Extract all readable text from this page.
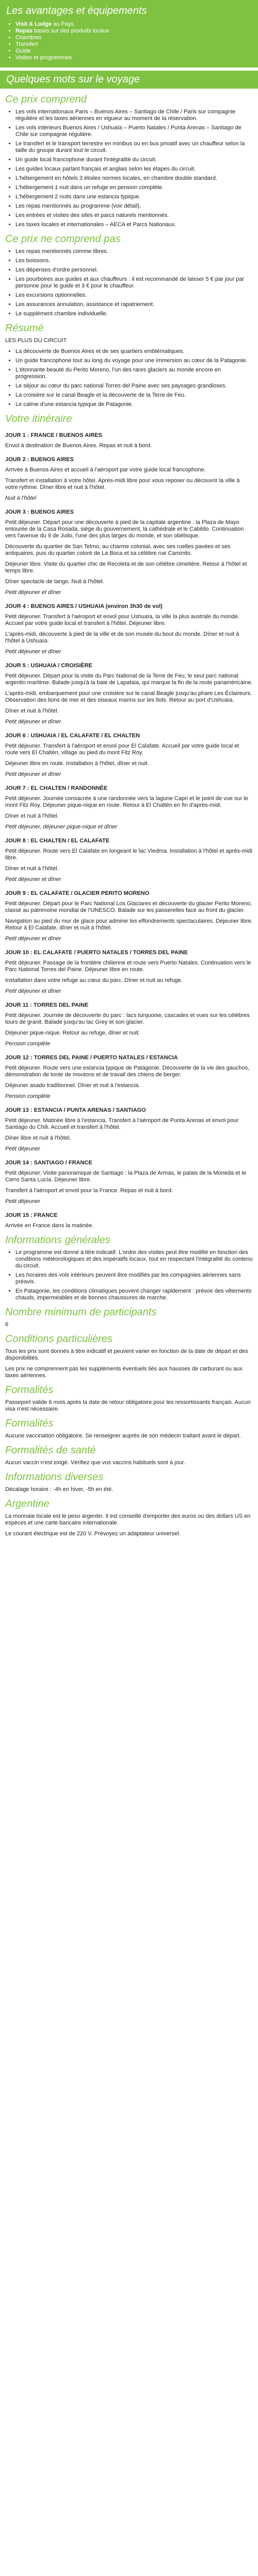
Les avantages et équipements
• Visit & Lodge au Pays
• Repas basés sur des produits locaux
• Chambres
• Transfert
• Guide
• Visites et programmes
Quelques mots sur le voyage
Ce prix comprend
• Les vols internationaux Paris – Buenos Aires – Santiago de Chile / Paris sur compagnie régulière et les taxes aériennes en vigueur au moment de la réservation.
• Les vols intérieurs Buenos Aires / Ushuaïa – Puerto Natales / Punta Arenas – Santiago de Chile sur compagnie régulière.
• Le transfert et le transport terrestre en minibus ou en bus privatif avec un chauffeur selon la taille du groupe durant tout le circuit.
• Un guide local francophone durant l'intégralité du circuit.
• Les guides locaux parlant français et anglais selon les étapes du circuit.
• L'hébergement en hôtels 3 étoiles normes locales, en chambre double standard.
• L'hébergement 1 nuit dans un refuge en pension complète.
• L'hébergement 2 nuits dans une estancia typique.
• Les repas mentionnés au programme (voir détail).
• Les entrées et visites des sites et parcs naturels mentionnés.
• Les taxes locales et internationales – AECA et Parcs Nationaux.
Ce prix ne comprend pas
• Les repas mentionnés comme libres.
• Les boissons.
• Les dépenses d'ordre personnel.
• Les pourboires aux guides et aux chauffeurs : il est recommandé de laisser 5 € par jour par personne pour le guide et 3 € pour le chauffeur.
• Les excursions optionnelles.
• Les assurances annulation, assistance et rapatriement.
• Le supplément chambre individuelle.
Résumé

LES PLUS DU CIRCUIT

• La découverte de Buenos Aires et de ses quartiers emblématiques.
• Un guide francophone tout au long du voyage pour une immersion au cœur de la Patagonie.
• L'étonnante beauté du Perito Moreno, l'un des rares glaciers au monde encore en progression.
• Le séjour au cœur du parc national Torres del Paine avec ses paysages grandioses.
• La croisière sur le canal Beagle et la découverte de la Terre de Feu.
• Le calme d'une estancia typique de Patagonie.
Votre itinéraire
JOUR 1 : FRANCE / BUENOS AIRES

Envol à destination de Buenos Aires. Repas et nuit à bord.

JOUR 2 : BUENOS AIRES

Arrivée à Buenos Aires et accueil à l'aéroport par votre guide local francophone.

Transfert et installation à votre hôtel. Après-midi libre pour vous reposer ou découvrir la ville à votre rythme. Dîner libre et nuit à l'hôtel.

Nuit à l'hôtel

JOUR 3 : BUENOS AIRES

Petit déjeuner. Départ pour une découverte à pied de la capitale argentine : la Plaza de Mayo entourée de la Casa Rosada, siège du gouvernement, la cathédrale et le Cabildo. Continuation vers l'avenue du 9 de Julio, l'une des plus larges du monde, et son obélisque.

Découverte du quartier de San Telmo, au charme colonial, avec ses ruelles pavées et ses antiquaires, puis du quartier coloré de La Boca et sa célèbre rue Caminito.

Déjeuner libre. Visite du quartier chic de Recoleta et de son célèbre cimetière. Retour à l'hôtel et temps libre.

Dîner spectacle de tango. Nuit à l'hôtel.

Petit déjeuner et dîner

JOUR 4 : BUENOS AIRES / USHUAIA (environ 3h30 de vol)

Petit déjeuner. Transfert à l'aéroport et envol pour Ushuaïa, la ville la plus australe du monde. Accueil par votre guide local et transfert à l'hôtel. Déjeuner libre.

L'après-midi, découverte à pied de la ville et de son musée du bout du monde. Dîner et nuit à l'hôtel à Ushuaïa.

Petit déjeuner et dîner

JOUR 5 : USHUAIA / CROISIÈRE

Petit déjeuner. Départ pour la visite du Parc National de la Terre de Feu, le seul parc national argentin maritime. Balade jusqu'à la baie de Lapataia, qui marque la fin de la route panaméricaine.

L'après-midi, embarquement pour une croisière sur le canal Beagle jusqu'au phare Les Éclaireurs. Observation des lions de mer et des oiseaux marins sur les îlots. Retour au port d'Ushuaïa.

Dîner et nuit à l'hôtel.

Petit déjeuner et dîner

JOUR 6 : USHUAIA / EL CALAFATE / EL CHALTEN

Petit déjeuner. Transfert à l'aéroport et envol pour El Calafate. Accueil par votre guide local et route vers El Chaltén, village au pied du mont Fitz Roy.

Déjeuner libre en route. Installation à l'hôtel, dîner et nuit.

Petit déjeuner et dîner

JOUR 7 : EL CHALTEN / RANDONNÉE

Petit déjeuner. Journée consacrée à une randonnée vers la lagune Capri et le point de vue sur le mont Fitz Roy. Déjeuner pique-nique en route. Retour à El Chaltén en fin d'après-midi.

Dîner et nuit à l'hôtel.

Petit déjeuner, déjeuner pique-nique et dîner

JOUR 8 : EL CHALTEN / EL CALAFATE

Petit déjeuner. Route vers El Calafate en longeant le lac Viedma. Installation à l'hôtel et après-midi libre.

Dîner et nuit à l'hôtel.

Petit déjeuner et dîner

JOUR 9 : EL CALAFATE / GLACIER PERITO MORENO

Petit déjeuner. Départ pour le Parc National Los Glaciares et découverte du glacier Perito Moreno, classé au patrimoine mondial de l'UNESCO. Balade sur les passerelles face au front du glacier.

Navigation au pied du mur de glace pour admirer les effondrements spectaculaires. Déjeuner libre. Retour à El Calafate, dîner et nuit à l'hôtel.

Petit déjeuner et dîner

JOUR 10 : EL CALAFATE / PUERTO NATALES / TORRES DEL PAINE

Petit déjeuner. Passage de la frontière chilienne et route vers Puerto Natales. Continuation vers le Parc National Torres del Paine. Déjeuner libre en route.

Installation dans votre refuge au cœur du parc. Dîner et nuit au refuge.

Petit déjeuner et dîner

JOUR 11 : TORRES DEL PAINE

Petit déjeuner. Journée de découverte du parc : lacs turquoise, cascades et vues sur les célèbres tours de granit. Balade jusqu'au lac Grey et son glacier.

Déjeuner pique-nique. Retour au refuge, dîner et nuit.

Pension complète

JOUR 12 : TORRES DEL PAINE / PUERTO NATALES / ESTANCIA

Petit déjeuner. Route vers une estancia typique de Patagonie. Découverte de la vie des gauchos, démonstration de tonte de moutons et de travail des chiens de berger.

Déjeuner asado traditionnel. Dîner et nuit à l'estancia.

Pension complète

JOUR 13 : ESTANCIA / PUNTA ARENAS / SANTIAGO

Petit déjeuner. Matinée libre à l'estancia. Transfert à l'aéroport de Punta Arenas et envol pour Santiago du Chili. Accueil et transfert à l'hôtel.

Dîner libre et nuit à l'hôtel.

Petit déjeuner

JOUR 14 : SANTIAGO / FRANCE

Petit déjeuner. Visite panoramique de Santiago : la Plaza de Armas, le palais de la Moneda et le Cerro Santa Lucía. Déjeuner libre.

Transfert à l'aéroport et envol pour la France. Repas et nuit à bord.

Petit déjeuner

JOUR 15 : FRANCE

Arrivée en France dans la matinée.

Informations générales
• Le programme est donné à titre indicatif. L'ordre des visites peut être modifié en fonction des conditions météorologiques et des impératifs locaux, tout en respectant l'intégralité du contenu du circuit.
• Les horaires des vols intérieurs peuvent être modifiés par les compagnies aériennes sans préavis.
• En Patagonie, les conditions climatiques peuvent changer rapidement : prévoir des vêtements chauds, imperméables et de bonnes chaussures de marche.
Nombre minimum de participants

6

Conditions particulières

Tous les prix sont donnés à titre indicatif et peuvent varier en fonction de la date de départ et des disponibilités.

Les prix ne comprennent pas les suppléments éventuels liés aux hausses de carburant ou aux taxes aériennes.

Formalités

Passeport valide 6 mois après la date de retour obligatoire pour les ressortissants français. Aucun visa n'est nécessaire.

Formalités

Aucune vaccination obligatoire. Se renseigner auprès de son médecin traitant avant le départ.

Formalités de santé

Aucun vaccin n'est exigé. Vérifiez que vos vaccins habituels sont à jour.

Informations diverses

Décalage horaire : -4h en hiver, -5h en été.

Argentine

La monnaie locale est le peso argentin. Il est conseillé d'emporter des euros ou des dollars US en espèces et une carte bancaire internationale.

Le courant électrique est de 220 V. Prévoyez un adaptateur universel.
